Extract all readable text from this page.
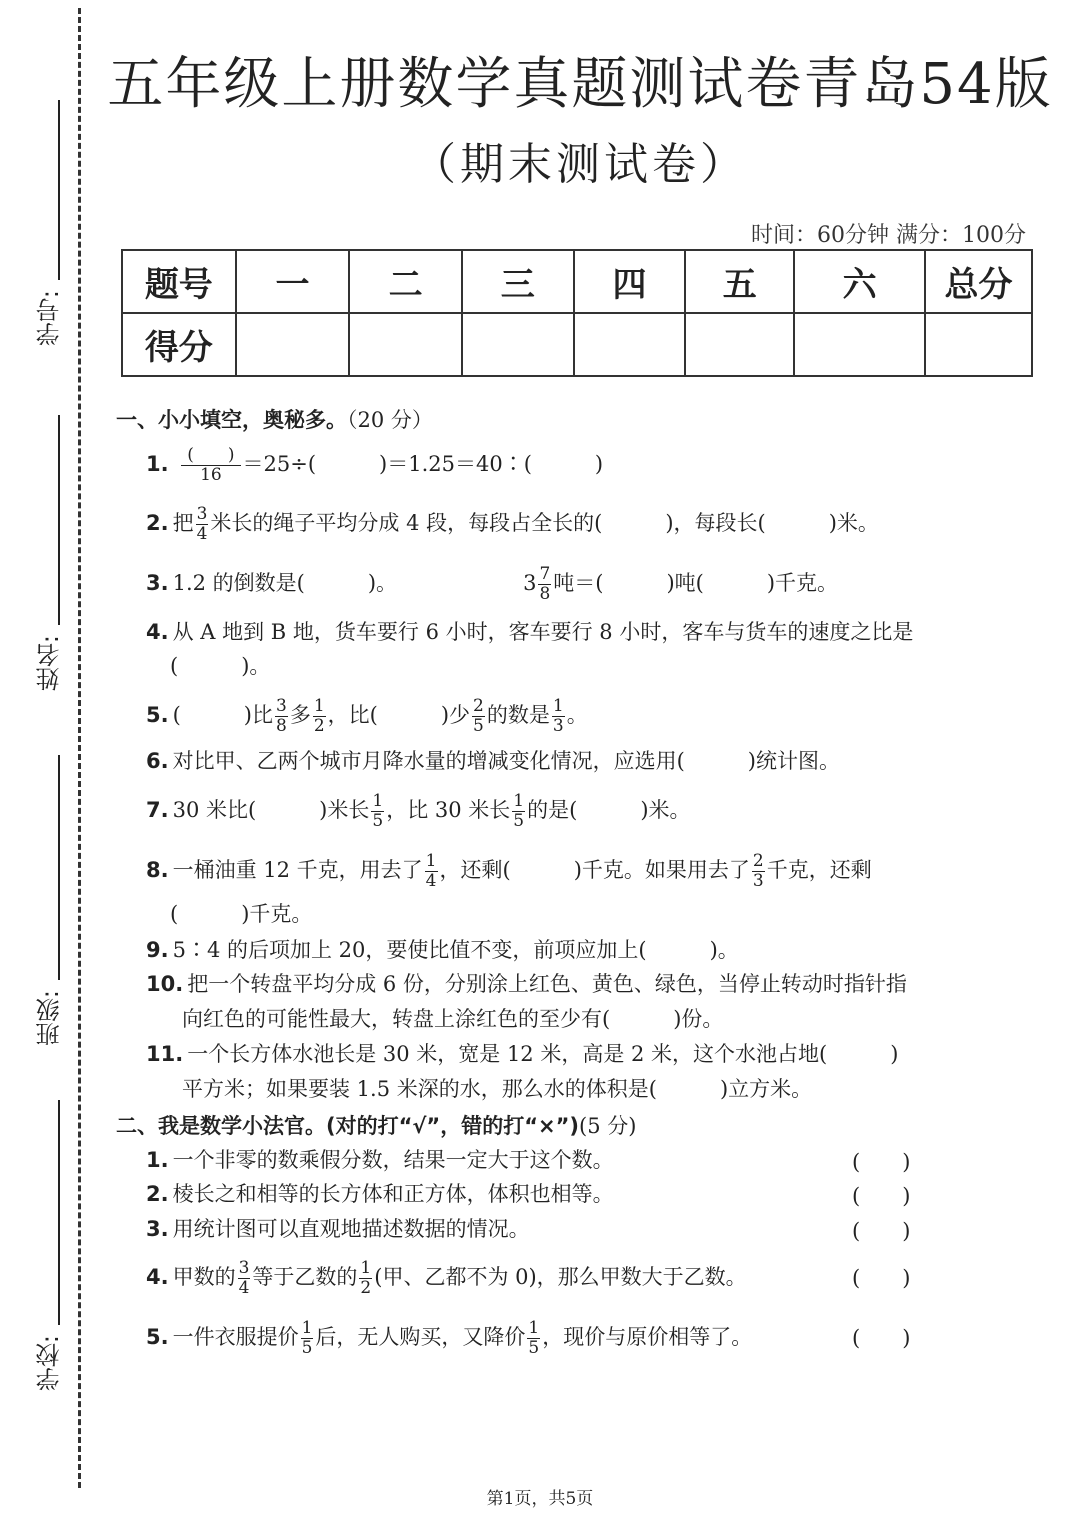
学号:
姓名:
班级:
学校:
五年级上册数学真题测试卷青岛54版
（期末测试卷）
时间：60分钟 满分：100分
题号	一	二	三	四	五	六	总分
得分							
一、小小填空，奥秘多。（20 分）
1. $\frac{( )}{16} =25\div$(　　　)＝1.25＝40∶(　　　)
2. 把 $\frac{3}{4}$ 米长的绳子平均分成 4 段，每段占全长的(　　　)，每段长(　　　)米。
3. 1.2 的倒数是(　　　)。	$3 \frac{7}{8}$ 吨＝(　　　)吨(　　　)千克。
4. 从 A 地到 B 地，货车要行 6 小时，客车要行 8 小时，客车与货车的速度之比是
(　　　)。
5. (　　　)比 $\frac{3}{8}$ 多 $\frac{1}{2}$ ，比(　　　)少 $\frac{2}{5}$ 的数是 $\frac{1}{3}$ 。
6. 对比甲、乙两个城市月降水量的增减变化情况，应选用(　　　)统计图。
7. 30 米比(　　　)米长 $\frac{1}{5}$ ，比 30 米长 $\frac{1}{5}$ 的是(　　　)米。
8. 一桶油重 12 千克，用去了 $\frac{1}{4}$ ，还剩(　　　)千克。如果用去了 $\frac{2}{3}$ 千克，还剩
(　　　)千克。
9. 5∶4 的后项加上 20，要使比值不变，前项应加上(　　　)。
10. 把一个转盘平均分成 6 份，分别涂上红色、黄色、绿色，当停止转动时指针指
向红色的可能性最大，转盘上涂红色的至少有(　　　)份。
11. 一个长方体水池长是 30 米，宽是 12 米，高是 2 米，这个水池占地(　　　)
平方米；如果要装 1.5 米深的水，那么水的体积是(　　　)立方米。
二、我是数学小法官。(对的打“√”，错的打“×”)(5 分)
1. 一个非零的数乘假分数，结果一定大于这个数。	(　　)
2. 棱长之和相等的长方体和正方体，体积也相等。	(　　)
3. 用统计图可以直观地描述数据的情况。	(　　)
4. 甲数的 $\frac{3}{4}$ 等于乙数的 $\frac{1}{2}$ (甲、乙都不为 0)，那么甲数大于乙数。	(　　)
5. 一件衣服提价 $\frac{1}{5}$ 后，无人购买，又降价 $\frac{1}{5}$ ，现价与原价相等了。	(　　)
第1页，共5页
